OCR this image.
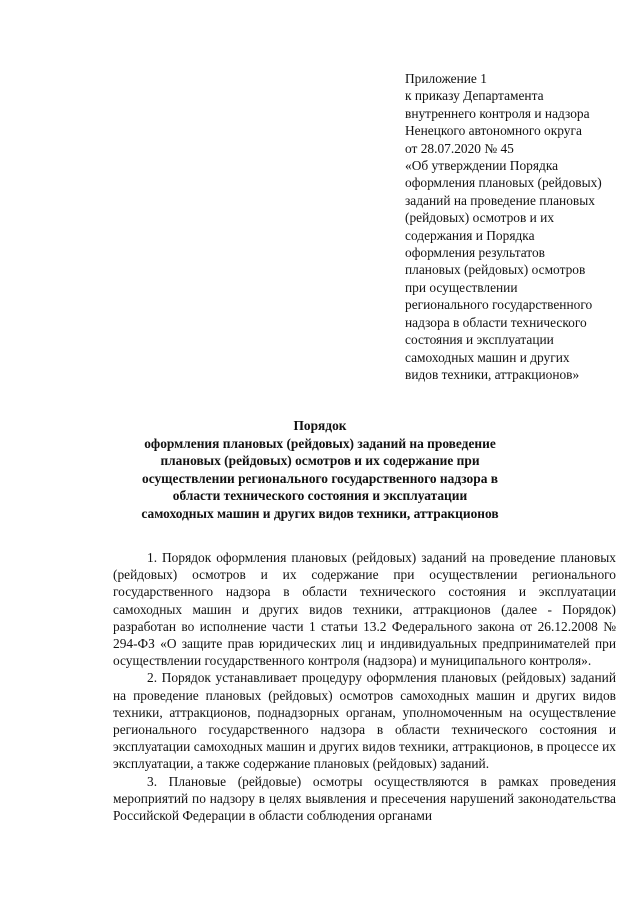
Приложение 1
к приказу Департамента
внутреннего контроля и надзора
Ненецкого автономного округа
от 28.07.2020 № 45
«Об утверждении Порядка
оформления плановых (рейдовых)
заданий на проведение плановых
(рейдовых) осмотров и их
содержания и Порядка
оформления результатов
плановых (рейдовых) осмотров
при осуществлении
регионального государственного
надзора в области технического
состояния и эксплуатации
самоходных машин и других
видов техники, аттракционов»
Порядок
оформления плановых (рейдовых) заданий на проведение
плановых (рейдовых) осмотров и их содержание при
осуществлении регионального государственного надзора в
области технического состояния и эксплуатации
самоходных машин и других видов техники, аттракционов

1. Порядок оформления плановых (рейдовых) заданий на проведение плановых (рейдовых) осмотров и их содержание при осуществлении регионального государственного надзора в области технического состояния и эксплуатации самоходных машин и других видов техники, аттракционов (далее - Порядок) разработан во исполнение части 1 статьи 13.2 Федерального закона от 26.12.2008 № 294-ФЗ «О защите прав юридических лиц и индивидуальных предпринимателей при осуществлении государственного контроля (надзора) и муниципального контроля».

2. Порядок устанавливает процедуру оформления плановых (рейдовых) заданий на проведение плановых (рейдовых) осмотров самоходных машин и других видов техники, аттракционов, поднадзорных органам, уполномоченным на осуществление регионального государственного надзора в области технического состояния и эксплуатации самоходных машин и других видов техники, аттракционов, в процессе их эксплуатации, а также содержание плановых (рейдовых) заданий.

3. Плановые (рейдовые) осмотры осуществляются в рамках проведения мероприятий по надзору в целях выявления и пресечения нарушений законодательства Российской Федерации в области соблюдения органами
